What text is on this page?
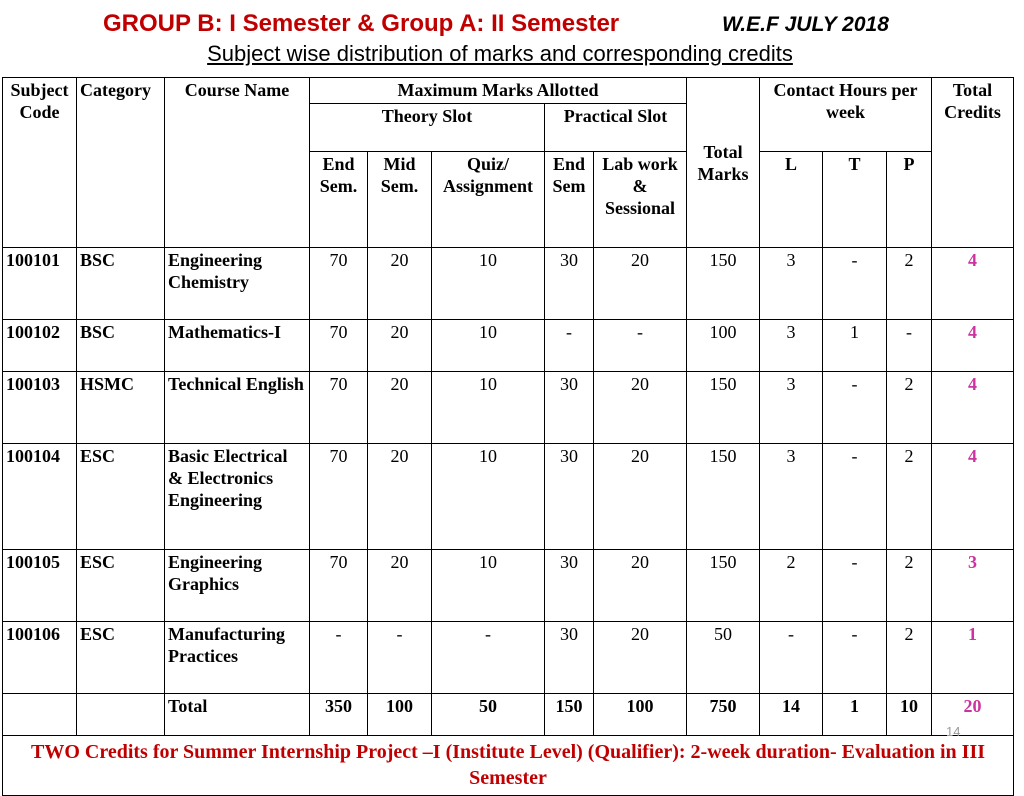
GROUP B: I Semester & Group A: II Semester	W.E.F JULY 2018
Subject wise distribution of marks and corresponding credits
Subject Code	Category	Course Name	Maximum Marks Allotted					Total Marks	Contact Hours per week			Total Credits
			Theory Slot			Practical Slot						
			End Sem.	Mid Sem.	Quiz/ Assignment	End Sem	Lab work & Sessional		L	T	P	
100101	BSC	Engineering Chemistry	70	20	10	30	20	150	3	-	2	4
100102	BSC	Mathematics-I	70	20	10	-	-	100	3	1	-	4
100103	HSMC	Technical English	70	20	10	30	20	150	3	-	2	4
100104	ESC	Basic Electrical & Electronics Engineering	70	20	10	30	20	150	3	-	2	4
100105	ESC	Engineering Graphics	70	20	10	30	20	150	2	-	2	3
100106	ESC	Manufacturing Practices	-	-	-	30	20	50	-	-	2	1
		Total	350	100	50	150	100	750	14	1	10	20
TWO Credits for Summer Internship Project –I (Institute Level) (Qualifier): 2-week duration- Evaluation in III Semester												
14
